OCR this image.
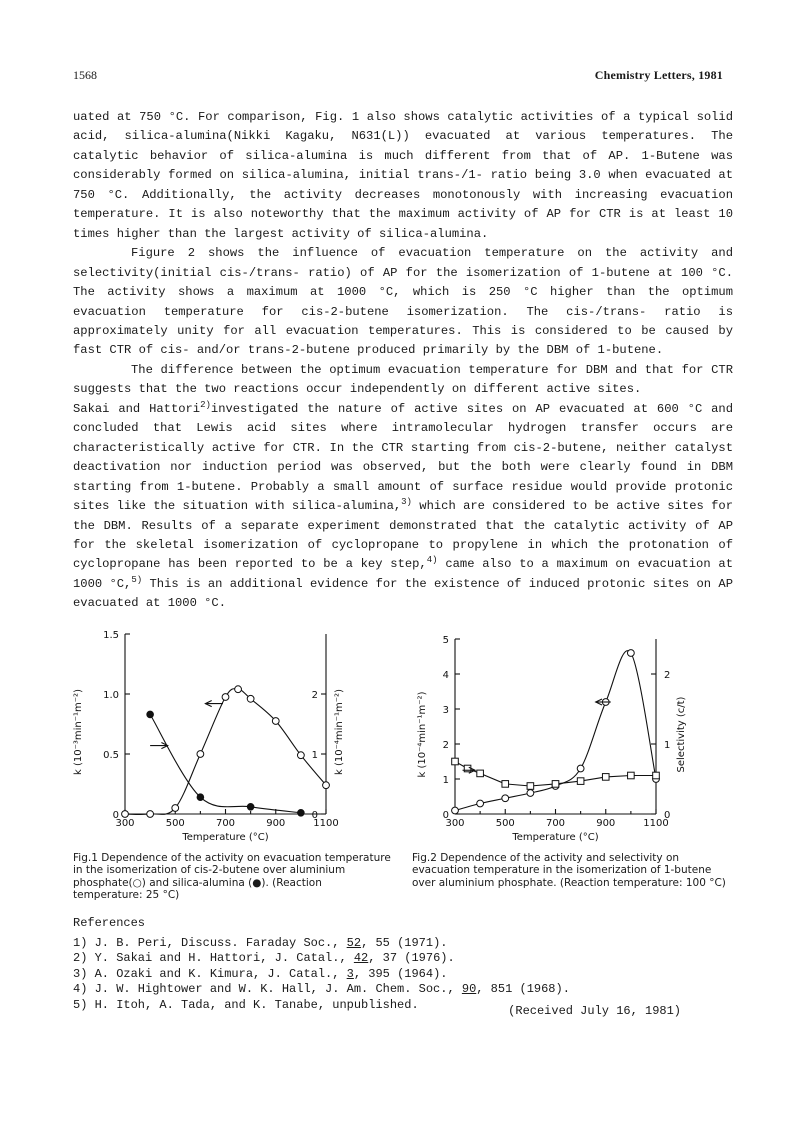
1568	Chemistry Letters, 1981

uated at 750 °C. For comparison, Fig. 1 also shows catalytic activities of a typical solid acid, silica-alumina(Nikki Kagaku, N631(L)) evacuated at various temperatures. The catalytic behavior of silica-alumina is much different from that of AP. 1-Butene was considerably formed on silica-alumina, initial trans-/1- ratio being 3.0 when evacuated at 750 °C. Additionally, the activity decreases monotonously with increasing evacuation temperature. It is also noteworthy that the maximum activity of AP for CTR is at least 10 times higher than the largest activity of silica-alumina.

Figure 2 shows the influence of evacuation temperature on the activity and selectivity(initial cis-/trans- ratio) of AP for the isomerization of 1-butene at 100 °C. The activity shows a maximum at 1000 °C, which is 250 °C higher than the optimum evacuation temperature for cis-2-butene isomerization. The cis-/trans- ratio is approximately unity for all evacuation temperatures. This is considered to be caused by fast CTR of cis- and/or trans-2-butene produced primarily by the DBM of 1-butene.

The difference between the optimum evacuation temperature for DBM and that for CTR suggests that the two reactions occur independently on different active sites.

Sakai and Hattori$^{2)}$investigated the nature of active sites on AP evacuated at 600 °C and concluded that Lewis acid sites where intramolecular hydrogen transfer occurs are characteristically active for CTR. In the CTR starting from cis-2-butene, neither catalyst deactivation nor induction period was observed, but the both were clearly found in DBM starting from 1-butene. Probably a small amount of surface residue would provide protonic sites like the situation with silica-alumina,$^{3)}$ which are considered to be active sites for the DBM. Results of a separate experiment demonstrated that the catalytic activity of AP for the skeletal isomerization of cyclopropane to propylene in which the protonation of cyclopropane has been reported to be a key step,$^{4)}$ came also to a maximum on evacuation at 1000 °C,$^{5)}$ This is an additional evidence for the existence of induced protonic sites on AP evacuated at 1000 °C.

300	500	700	900	1100
0
0.5
1.0
1.5
0
1
2
Temperature (°C)
k (10⁻³min⁻¹m⁻²)	k (10⁻⁴min⁻¹m⁻²)
Fig.1 Dependence of the activity on evacuation temperature in the isomerization of cis-2-butene over aluminium phosphate(○) and silica-alumina (●). (Reaction temperature: 25 °C)
300	500	700	900	1100
0
1
2
3
4
5
0
1
2
Temperature (°C)
k (10⁻⁴min⁻¹m⁻²)	Selectivity (c/t)
Fig.2 Dependence of the activity and selectivity on evacuation temperature in the isomerization of 1-butene over aluminium phosphate. (Reaction temperature: 100 °C)
References
1) J. B. Peri, Discuss. Faraday Soc., 52, 55 (1971).
2) Y. Sakai and H. Hattori, J. Catal., 42, 37 (1976).
3) A. Ozaki and K. Kimura, J. Catal., 3, 395 (1964).
4) J. W. Hightower and W. K. Hall, J. Am. Chem. Soc., 90, 851 (1968).
5) H. Itoh, A. Tada, and K. Tanabe, unpublished.	(Received July 16, 1981)
